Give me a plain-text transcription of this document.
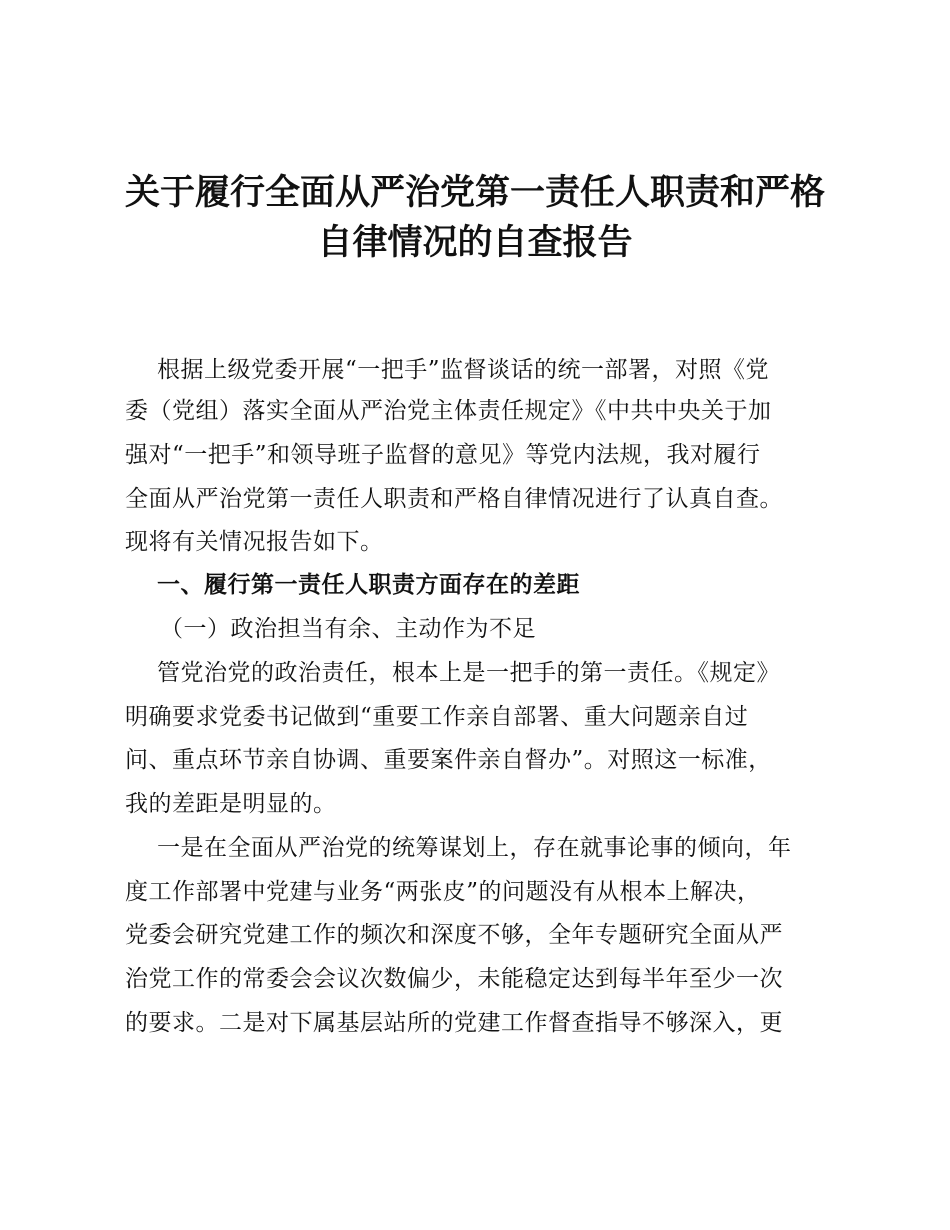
关于履行全面从严治党第一责任人职责和严格
自律情况的自查报告

根据上级党委开展“一把手”监督谈话的统一部署，对照《党

委（党组）落实全面从严治党主体责任规定》《中共中央关于加

强对“一把手”和领导班子监督的意见》等党内法规，我对履行

全面从严治党第一责任人职责和严格自律情况进行了认真自查。

现将有关情况报告如下。

一、履行第一责任人职责方面存在的差距

（一）政治担当有余、主动作为不足

管党治党的政治责任，根本上是一把手的第一责任。《规定》

明确要求党委书记做到“重要工作亲自部署、重大问题亲自过

问、重点环节亲自协调、重要案件亲自督办”。对照这一标准，

我的差距是明显的。

一是在全面从严治党的统筹谋划上，存在就事论事的倾向，年

度工作部署中党建与业务“两张皮”的问题没有从根本上解决，

党委会研究党建工作的频次和深度不够，全年专题研究全面从严

治党工作的常委会会议次数偏少，未能稳定达到每半年至少一次

的要求。二是对下属基层站所的党建工作督查指导不够深入，更
